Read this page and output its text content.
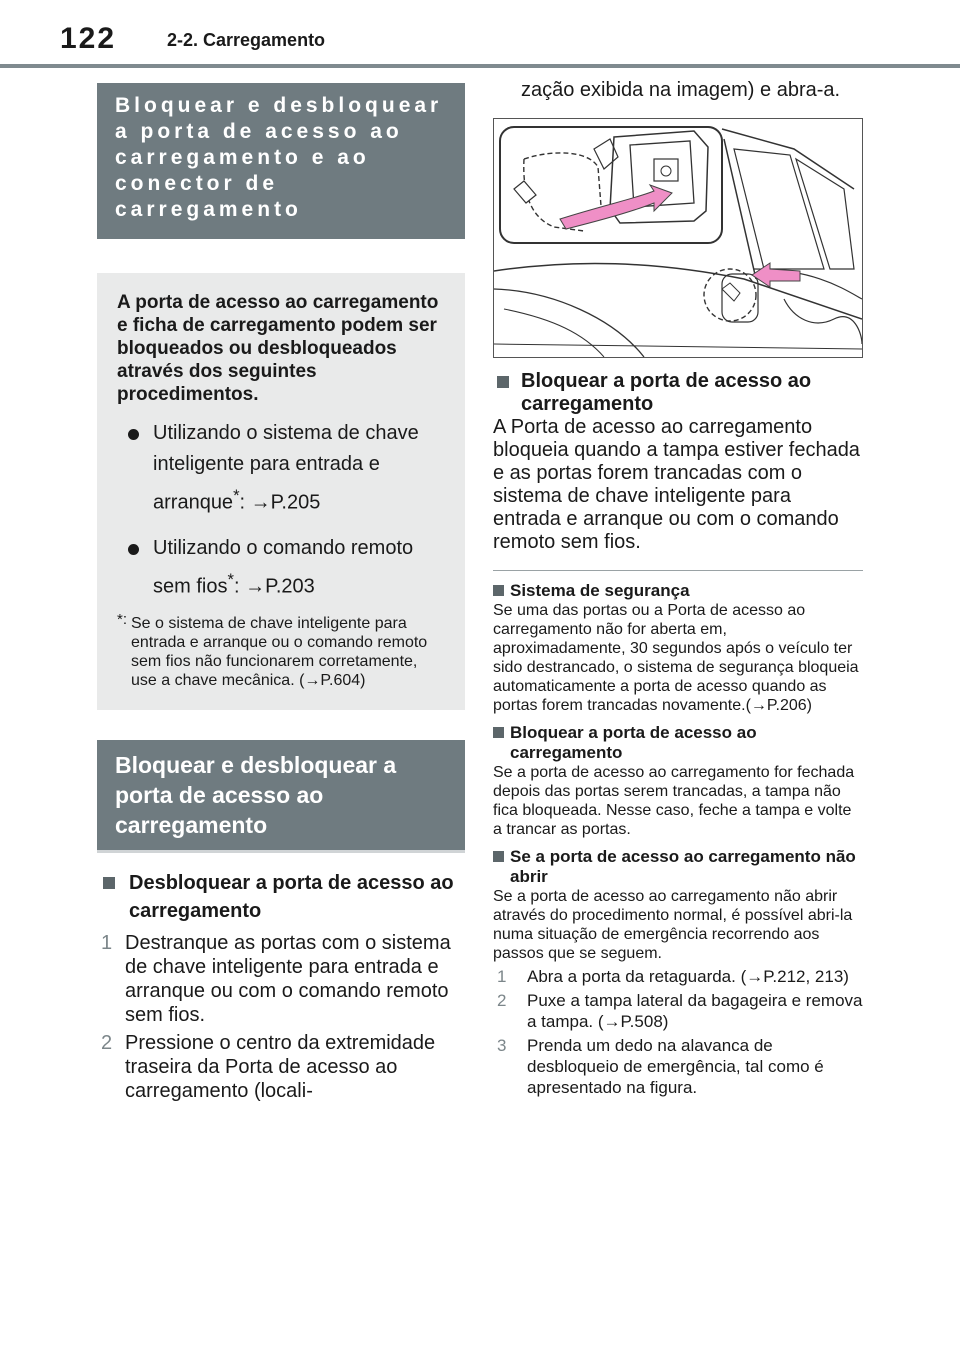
122	2-2. Carregamento
Bloquear e desbloquear a porta de acesso ao carregamento e ao conector de carregamento

A porta de acesso ao carregamento e ficha de carregamento podem ser bloqueados ou desbloqueados através dos seguintes procedimentos.

Utilizando o sistema de chave inteligente para entrada e arranque*: →P.205
Utilizando o comando remoto sem fios*: →P.203
*: Se o sistema de chave inteligente para entrada e arranque ou o comando remoto sem fios não funcionarem corretamente, use a chave mecânica. (→P.604)
Bloquear e desbloquear a porta de acesso ao carregamento
Desbloquear a porta de acesso ao carregamento
1 Destranque as portas com o sistema de chave inteligente para entrada e arranque ou com o comando remoto sem fios.
2 Pressione o centro da extremidade traseira da Porta de acesso ao carregamento (locali-

zação exibida na imagem) e abra-a.

Bloquear a porta de acesso ao carregamento

A Porta de acesso ao carregamento bloqueia quando a tampa estiver fechada e as portas forem trancadas com o sistema de chave inteligente para entrada e arranque ou com o comando remoto sem fios.

Sistema de segurança

Se uma das portas ou a Porta de acesso ao carregamento não for aberta em, aproximadamente, 30 segundos após o veículo ter sido destrancado, o sistema de segurança bloqueia automaticamente a porta de acesso quando as portas forem trancadas novamente.(→P.206)

Bloquear a porta de acesso ao carregamento

Se a porta de acesso ao carregamento for fechada depois das portas serem trancadas, a tampa não fica bloqueada. Nesse caso, feche a tampa e volte a trancar as portas.

Se a porta de acesso ao carregamento não abrir

Se a porta de acesso ao carregamento não abrir através do procedimento normal, é possível abri-la numa situação de emergência recorrendo aos passos que se seguem.

1	Abra a porta da retaguarda. (→P.212, 213)
2	Puxe a tampa lateral da bagageira e remova a tampa. (→P.508)
3	Prenda um dedo na alavanca de desbloqueio de emergência, tal como é apresentado na figura.
